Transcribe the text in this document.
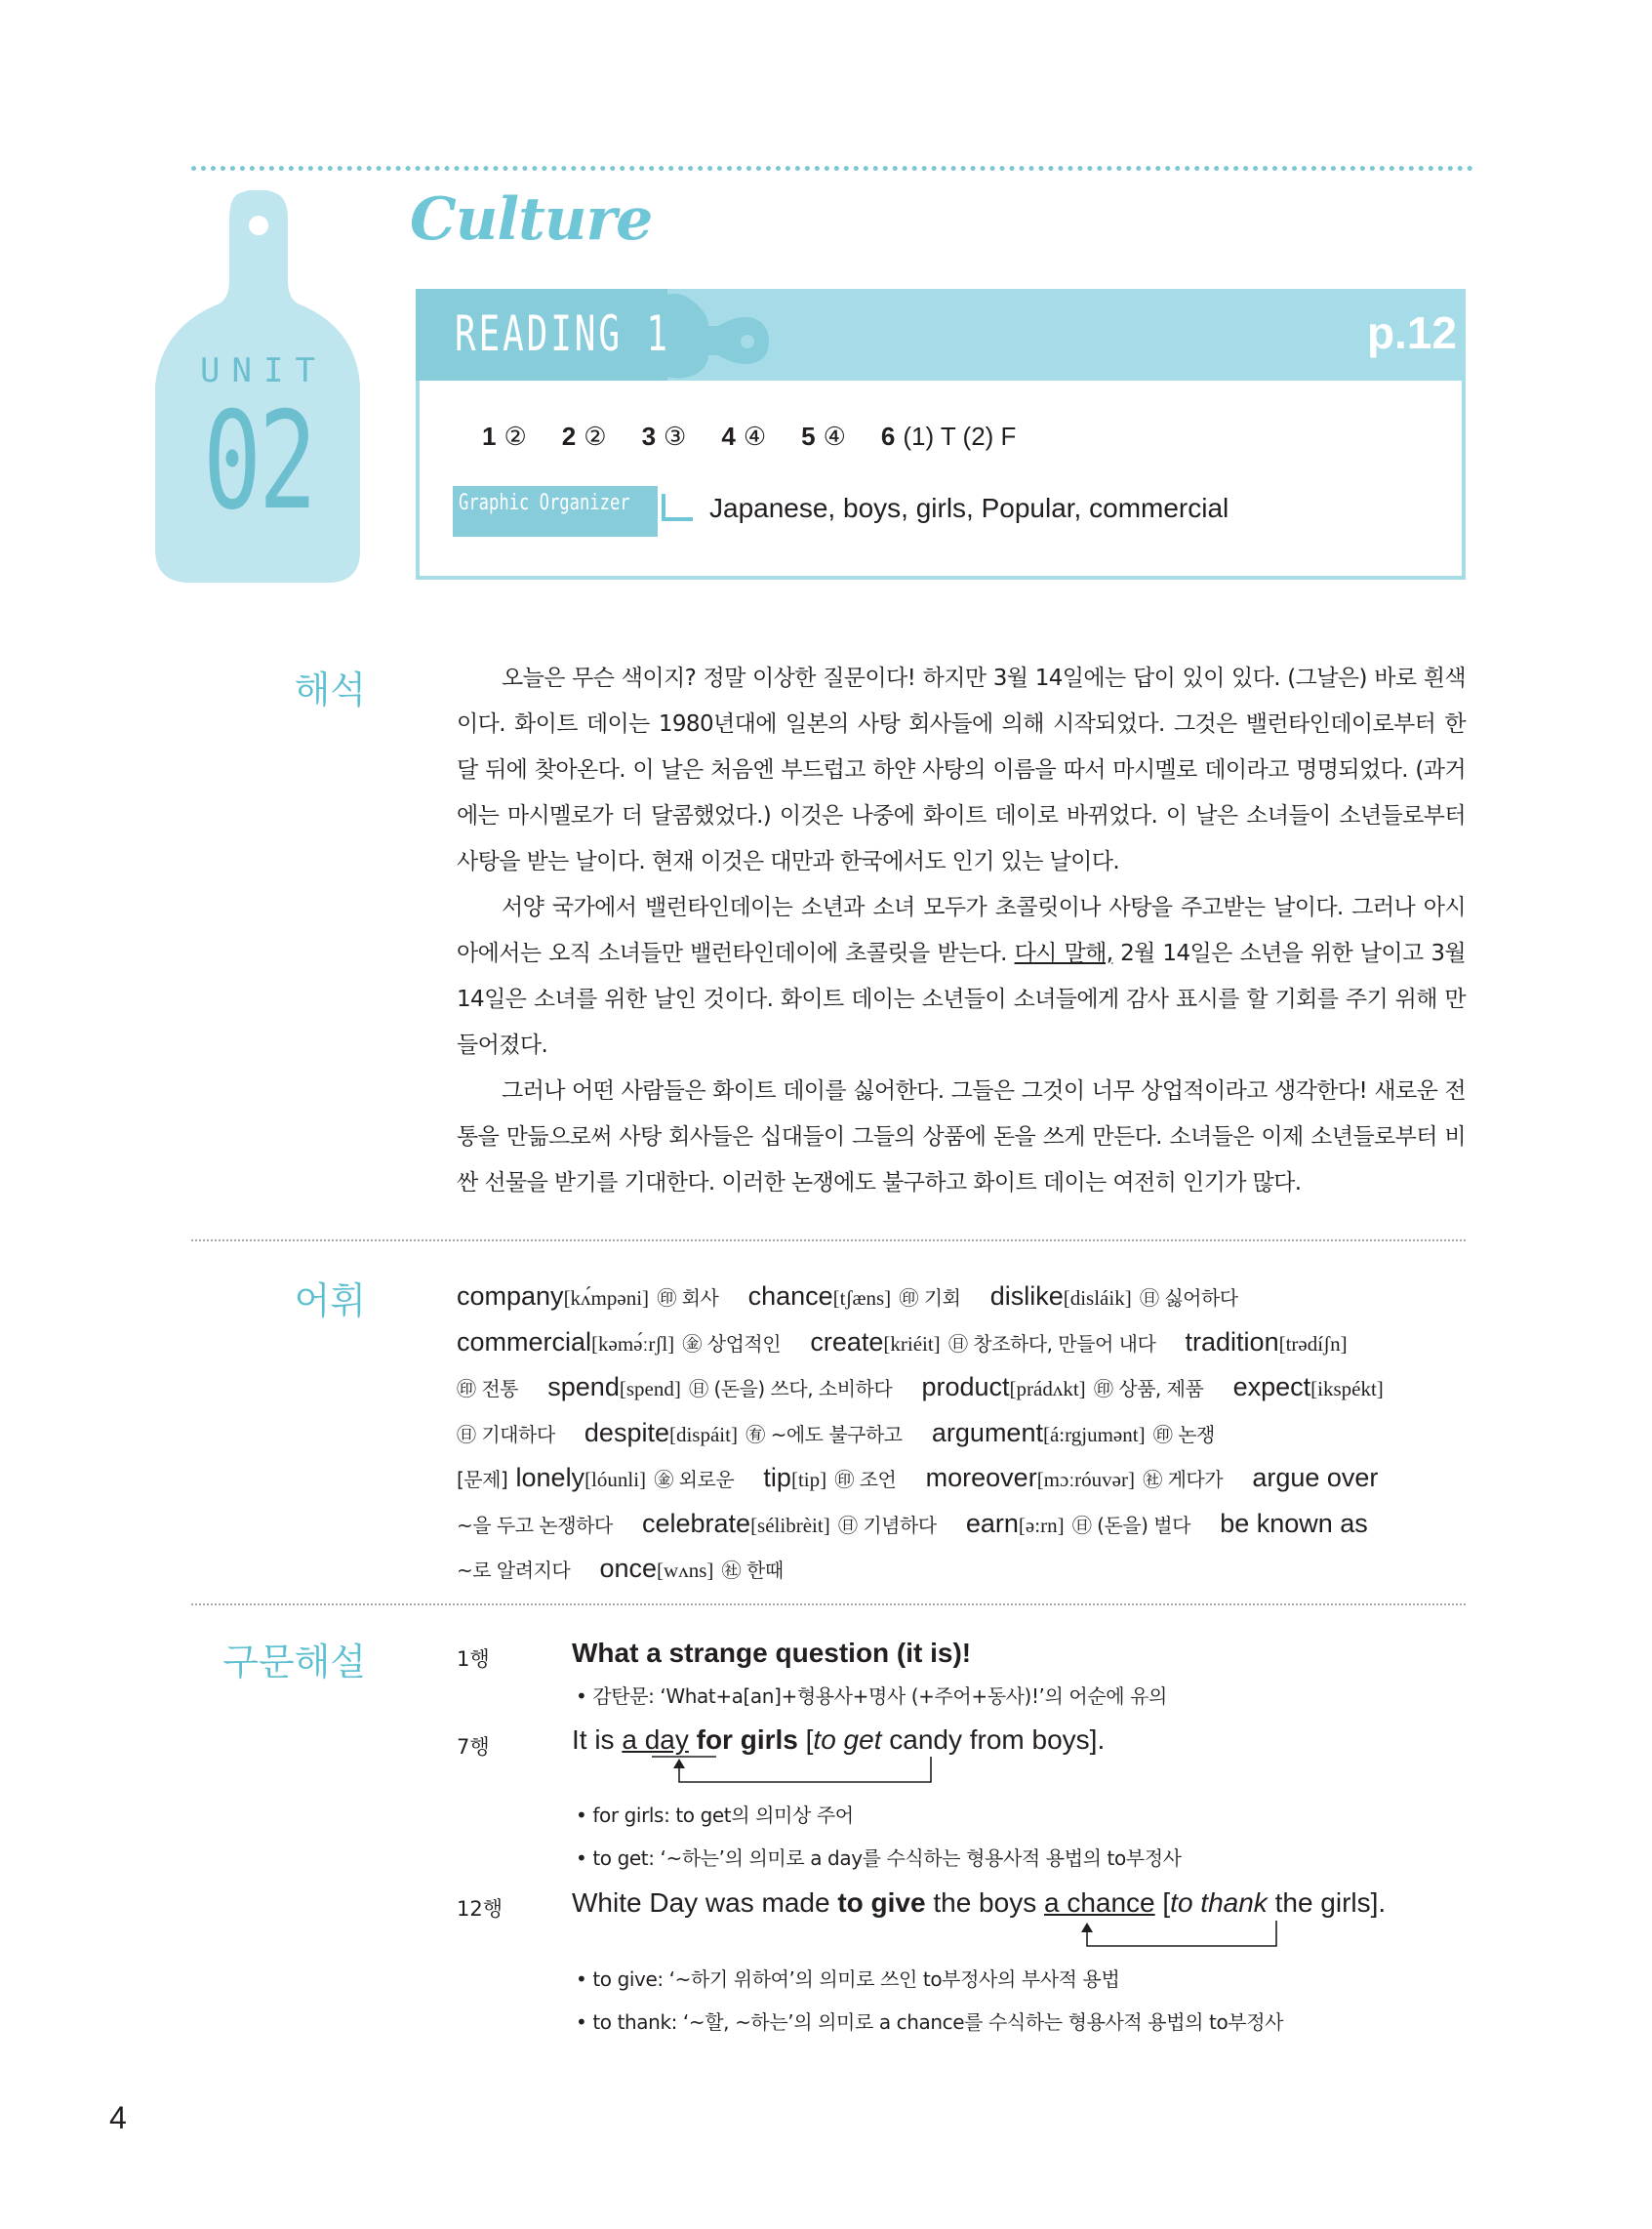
UNIT
02
Culture
READING 1	p.12
1 ② 2 ② 3 ③ 4 ④ 5 ④ 6 (1) T (2) F
Graphic Organizer	Japanese, boys, girls, Popular, commercial
해석	오늘은 무슨 색이지? 정말 이상한 질문이다! 하지만 3월 14일에는 답이 있이 있다. (그날은) 바로 흰색이다. 화이트 데이는 1980년대에 일본의 사탕 회사들에 의해 시작되었다. 그것은 밸런타인데이로부터 한 달 뒤에 찾아온다. 이 날은 처음엔 부드럽고 하얀 사탕의 이름을 따서 마시멜로 데이라고 명명되었다. (과거에는 마시멜로가 더 달콤했었다.) 이것은 나중에 화이트 데이로 바뀌었다. 이 날은 소녀들이 소년들로부터 사탕을 받는 날이다. 현재 이것은 대만과 한국에서도 인기 있는 날이다.

서양 국가에서 밸런타인데이는 소년과 소녀 모두가 초콜릿이나 사탕을 주고받는 날이다. 그러나 아시아에서는 오직 소녀들만 밸런타인데이에 초콜릿을 받는다. 다시 말해, 2월 14일은 소년을 위한 날이고 3월 14일은 소녀를 위한 날인 것이다. 화이트 데이는 소년들이 소녀들에게 감사 표시를 할 기회를 주기 위해 만들어졌다.

그러나 어떤 사람들은 화이트 데이를 싫어한다. 그들은 그것이 너무 상업적이라고 생각한다! 새로운 전통을 만듦으로써 사탕 회사들은 십대들이 그들의 상품에 돈을 쓰게 만든다. 소녀들은 이제 소년들로부터 비싼 선물을 받기를 기대한다. 이러한 논쟁에도 불구하고 화이트 데이는 여전히 인기가 많다.

어휘	company[kʌ́mpəni] ㊞ 회사 chance[tʃæns] ㊞ 기회 dislike[disláik] ㊐ 싫어하다
commercial[kəmə́ːrʃl] ㊎ 상업적인 create[kriéit] ㊐ 창조하다, 만들어 내다 tradition[trədíʃn]
㊞ 전통 spend[spend] ㊐ (돈을) 쓰다, 소비하다 product[prádʌkt] ㊞ 상품, 제품 expect[ikspékt]
㊐ 기대하다 despite[dispáit] ㊒ ~에도 불구하고 argument[á:rgjumənt] ㊞ 논쟁
[문제] lonely[lóunli] ㊎ 외로운 tip[tip] ㊞ 조언 moreover[mɔːróuvər] ㊓ 게다가 argue over
~을 두고 논쟁하다 celebrate[sélibrèit] ㊐ 기념하다 earn[ə:rn] ㊐ (돈을) 벌다 be known as
~로 알려지다 once[wʌns] ㊓ 한때
구문해설	1행	What a strange question (it is)!
• 감탄문: ‘What+a[an]+형용사+명사 (+주어+동사)!’의 어순에 유의
7행	It is a day for girls [to get candy from boys].
• for girls: to get의 의미상 주어
• to get: ‘~하는’의 의미로 a day를 수식하는 형용사적 용법의 to부정사
12행	White Day was made to give the boys a chance [to thank the girls].
• to give: ‘~하기 위하여’의 의미로 쓰인 to부정사의 부사적 용법
• to thank: ‘~할, ~하는’의 의미로 a chance를 수식하는 형용사적 용법의 to부정사
4
